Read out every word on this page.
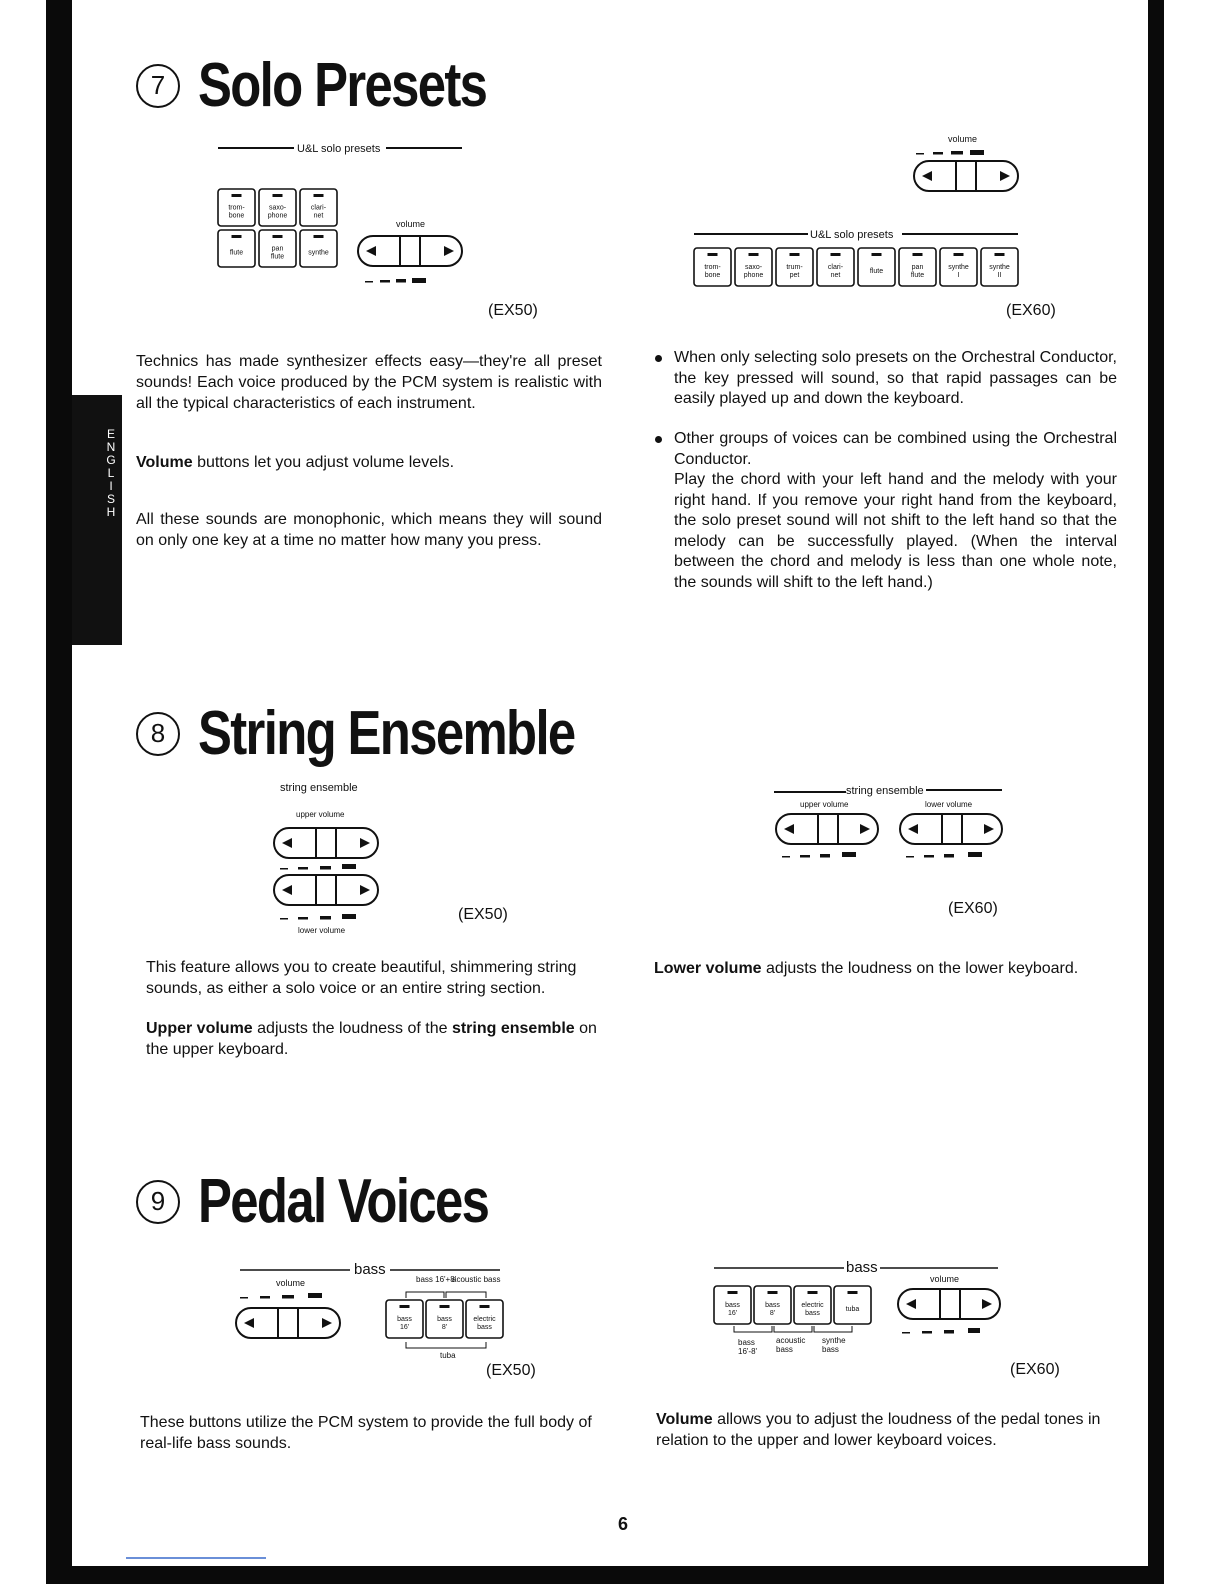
E
N
G
L
I
S
H
7 Solo Presets
U&L solo presets
trom-
bone
saxo-
phone
clari-
net
flute
pan
flute
synthe
volume
(EX50)
volume
U&L solo presets
trom-
bone
saxo-
phone
trum-
pet
clari-
net
flute
pan
flute
synthe
I
synthe
II
(EX60)
Technics has made synthesizer effects easy—they're all preset sounds! Each voice produced by the PCM system is realistic with all the typical characteristics of each instrument.
Volume buttons let you adjust volume levels.
All these sounds are monophonic, which means they will sound on only one key at a time no matter how many you press.
When only selecting solo presets on the Orchestral Conductor, the key pressed will sound, so that rapid passages can be easily played up and down the keyboard.
Other groups of voices can be combined using the Orchestral Conductor.
Play the chord with your left hand and the melody with your right hand. If you remove your right hand from the keyboard, the solo preset sound will not shift to the left hand so that the melody can be successfully played. (When the interval between the chord and melody is less than one whole note, the sounds will shift to the left hand.)
8 String Ensemble
string ensemble
upper volume
lower volume
(EX50)
string ensemble
upper volume	lower volume
(EX60)
This feature allows you to create beautiful, shimmering string sounds, as either a solo voice or an entire string section.
Upper volume adjusts the loudness of the string ensemble on the upper keyboard.
Lower volume adjusts the loudness on the lower keyboard.
9 Pedal Voices
bass
volume	bass 16'+8'
acoustic bass
bass
16'
bass
8'
electric
bass
tuba
(EX50)
bass
bass
16'
bass
8'
electric
bass
tuba
volume
bass 16'-8'
acoustic bass
synthe bass
(EX60)
These buttons utilize the PCM system to provide the full body of real-life bass sounds.
Volume allows you to adjust the loudness of the pedal tones in relation to the upper and lower keyboard voices.
6
